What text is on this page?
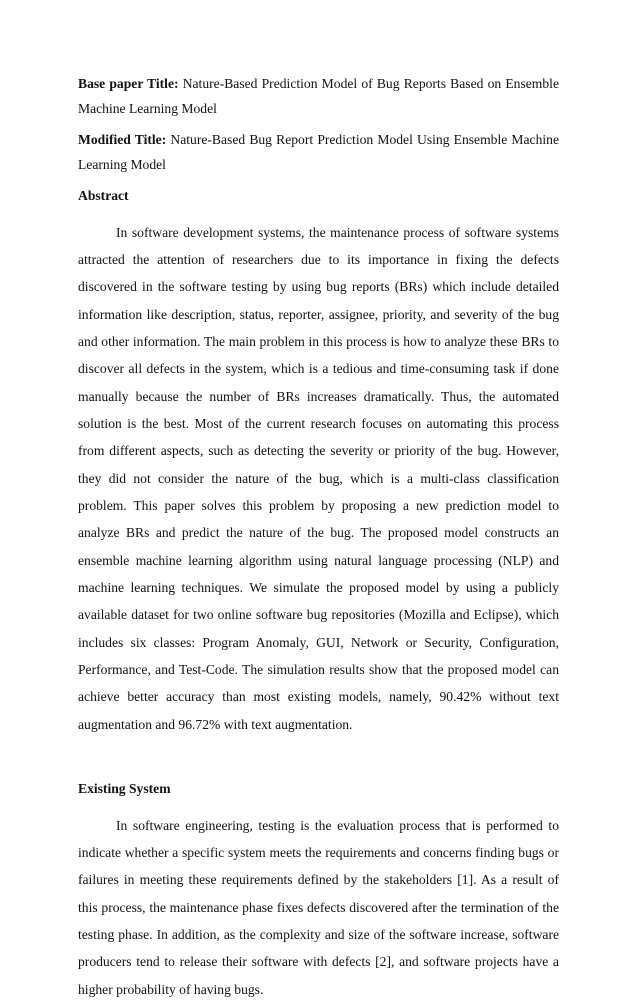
Base paper Title: Nature-Based Prediction Model of Bug Reports Based on Ensemble Machine Learning Model

Modified Title: Nature-Based Bug Report Prediction Model Using Ensemble Machine Learning Model

Abstract

In software development systems, the maintenance process of software systems attracted the attention of researchers due to its importance in fixing the defects discovered in the software testing by using bug reports (BRs) which include detailed information like description, status, reporter, assignee, priority, and severity of the bug and other information. The main problem in this process is how to analyze these BRs to discover all defects in the system, which is a tedious and time-consuming task if done manually because the number of BRs increases dramatically. Thus, the automated solution is the best. Most of the current research focuses on automating this process from different aspects, such as detecting the severity or priority of the bug. However, they did not consider the nature of the bug, which is a multi-class classification problem. This paper solves this problem by proposing a new prediction model to analyze BRs and predict the nature of the bug. The proposed model constructs an ensemble machine learning algorithm using natural language processing (NLP) and machine learning techniques. We simulate the proposed model by using a publicly available dataset for two online software bug repositories (Mozilla and Eclipse), which includes six classes: Program Anomaly, GUI, Network or Security, Configuration, Performance, and Test-Code. The simulation results show that the proposed model can achieve better accuracy than most existing models, namely, 90.42% without text augmentation and 96.72% with text augmentation.

Existing System

In software engineering, testing is the evaluation process that is performed to indicate whether a specific system meets the requirements and concerns finding bugs or failures in meeting these requirements defined by the stakeholders [1]. As a result of this process, the maintenance phase fixes defects discovered after the termination of the testing phase. In addition, as the complexity and size of the software increase, software producers tend to release their software with defects [2], and software projects have a higher probability of having bugs.
